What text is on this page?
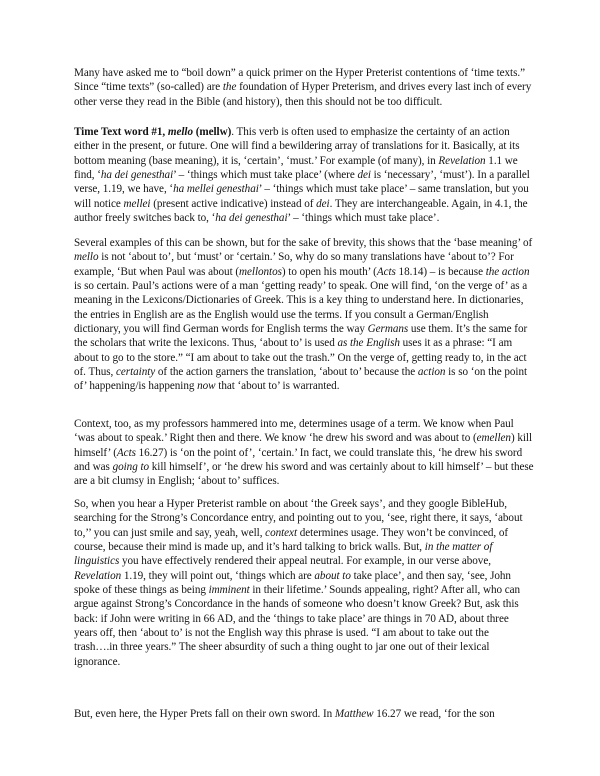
Many have asked me to “boil down” a quick primer on the Hyper Preterist contentions of ‘time texts.” Since “time texts” (so-called) are the foundation of Hyper Preterism, and drives every last inch of every other verse they read in the Bible (and history), then this should not be too difficult.

Time Text word #1, mello (mellw). This verb is often used to emphasize the certainty of an action either in the present, or future. One will find a bewildering array of translations for it. Basically, at its bottom meaning (base meaning), it is, ‘certain’, ‘must.’ For example (of many), in Revelation 1.1 we find, ‘ha dei genesthai’ – ‘things which must take place’ (where dei is ‘necessary’, ‘must’). In a parallel verse, 1.19, we have, ‘ha mellei genesthai’ – ‘things which must take place’ – same translation, but you will notice mellei (present active indicative) instead of dei. They are interchangeable. Again, in 4.1, the author freely switches back to, ‘ha dei genesthai’ – ‘things which must take place’.

Several examples of this can be shown, but for the sake of brevity, this shows that the ‘base meaning’ of mello is not ‘about to’, but ‘must’ or ‘certain.’ So, why do so many translations have ‘about to’? For example, ‘But when Paul was about (mellontos) to open his mouth’ (Acts 18.14) – is because the action is so certain. Paul’s actions were of a man ‘getting ready’ to speak. One will find, ‘on the verge of’ as a meaning in the Lexicons/Dictionaries of Greek. This is a key thing to understand here. In dictionaries, the entries in English are as the English would use the terms. If you consult a German/English dictionary, you will find German words for English terms the way Germans use them. It’s the same for the scholars that write the lexicons. Thus, ‘about to’ is used as the English uses it as a phrase: “I am about to go to the store.” “I am about to take out the trash.” On the verge of, getting ready to, in the act of. Thus, certainty of the action garners the translation, ‘about to’ because the action is so ‘on the point of’ happening/is happening now that ‘about to’ is warranted.

Context, too, as my professors hammered into me, determines usage of a term. We know when Paul ‘was about to speak.’ Right then and there. We know ‘he drew his sword and was about to (emellen) kill himself’ (Acts 16.27) is ‘on the point of’, ‘certain.’ In fact, we could translate this, ‘he drew his sword and was going to kill himself’, or ‘he drew his sword and was certainly about to kill himself’ – but these are a bit clumsy in English; ‘about to’ suffices.

So, when you hear a Hyper Preterist ramble on about ‘the Greek says’, and they google BibleHub, searching for the Strong’s Concordance entry, and pointing out to you, ‘see, right there, it says, ‘about to,’’ you can just smile and say, yeah, well, context determines usage. They won’t be convinced, of course, because their mind is made up, and it’s hard talking to brick walls. But, in the matter of linguistics you have effectively rendered their appeal neutral. For example, in our verse above, Revelation 1.19, they will point out, ‘things which are about to take place’, and then say, ‘see, John spoke of these things as being imminent in their lifetime.’ Sounds appealing, right? After all, who can argue against Strong’s Concordance in the hands of someone who doesn’t know Greek? But, ask this back: if John were writing in 66 AD, and the ‘things to take place’ are things in 70 AD, about three years off, then ‘about to’ is not the English way this phrase is used. “I am about to take out the trash….in three years.” The sheer absurdity of such a thing ought to jar one out of their lexical ignorance.

But, even here, the Hyper Prets fall on their own sword. In Matthew 16.27 we read, ‘for the son
